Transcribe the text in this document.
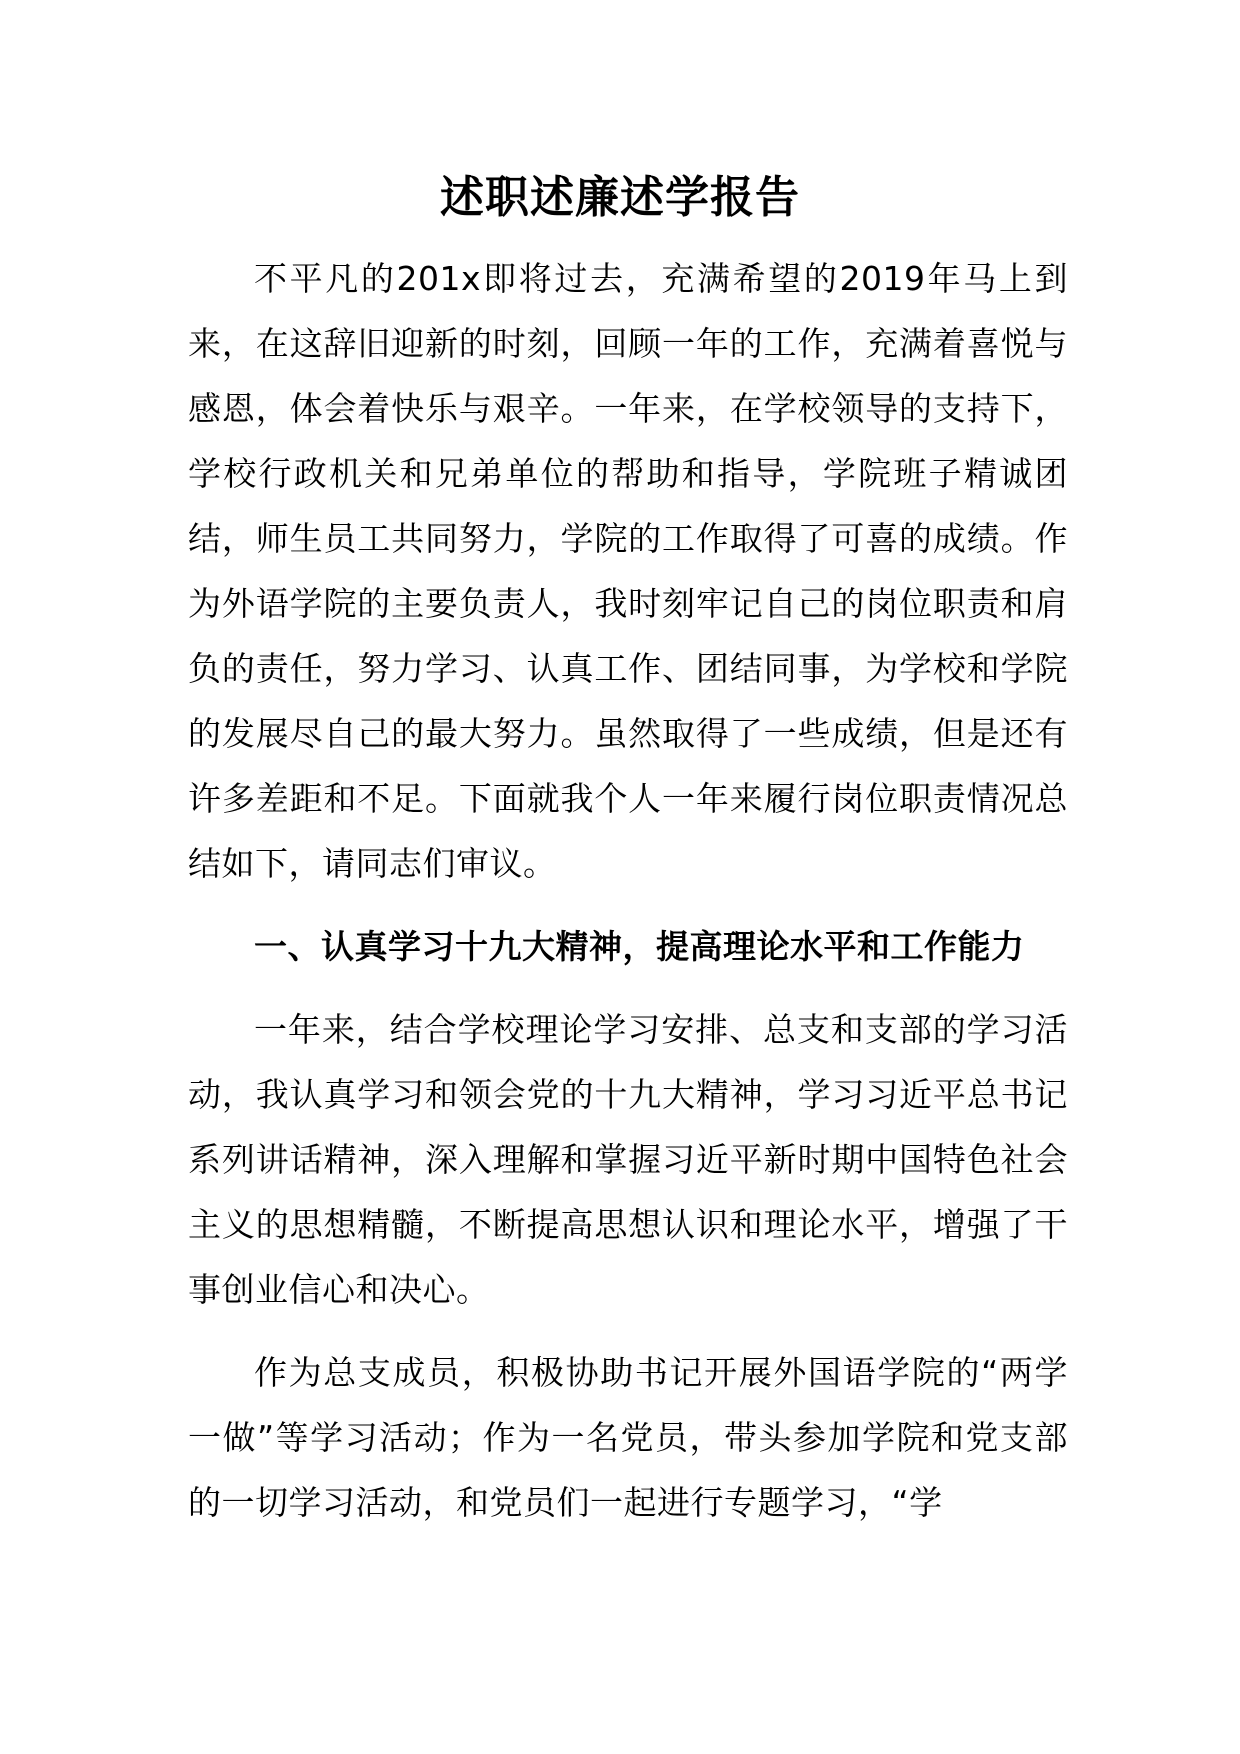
述职述廉述学报告

不平凡的201x即将过去，充满希望的2019年马上到来，在这辞旧迎新的时刻，回顾一年的工作，充满着喜悦与感恩，体会着快乐与艰辛。一年来，在学校领导的支持下，学校行政机关和兄弟单位的帮助和指导，学院班子精诚团结，师生员工共同努力，学院的工作取得了可喜的成绩。作为外语学院的主要负责人，我时刻牢记自己的岗位职责和肩负的责任，努力学习、认真工作、团结同事，为学校和学院的发展尽自己的最大努力。虽然取得了一些成绩，但是还有许多差距和不足。下面就我个人一年来履行岗位职责情况总结如下，请同志们审议。

一、认真学习十九大精神，提高理论水平和工作能力

一年来，结合学校理论学习安排、总支和支部的学习活动，我认真学习和领会党的十九大精神，学习习近平总书记系列讲话精神，深入理解和掌握习近平新时期中国特色社会主义的思想精髓，不断提高思想认识和理论水平，增强了干事创业信心和决心。

作为总支成员，积极协助书记开展外国语学院的“两学一做”等学习活动；作为一名党员，带头参加学院和党支部的一切学习活动，和党员们一起进行专题学习，“学
